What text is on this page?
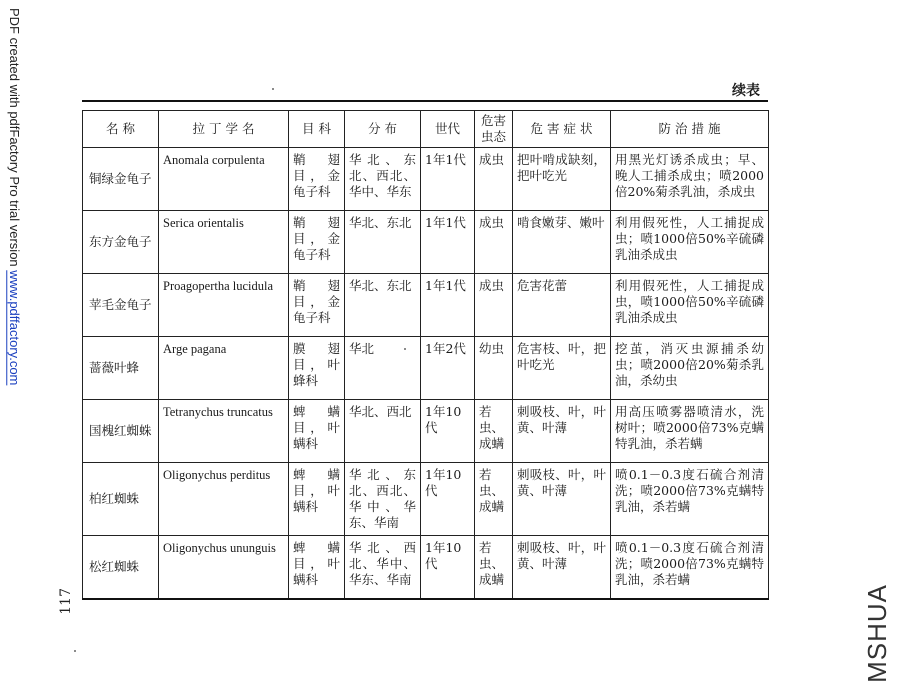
PDF created with pdfFactory Pro trial version www.pdffactory.com
续表
名 称	拉 丁 学 名	目 科	分 布	世代	危害虫态	危 害 症 状	防 治 措 施
铜绿金龟子	Anomala corpulenta	鞘翅目，金龟子科	华北、东北、西北、华中、华东	1年1代	成虫	把叶啃成缺刻，把叶吃光	用黑光灯诱杀成虫；早、晚人工捕杀成虫；喷2000倍20%菊杀乳油，杀成虫
东方金龟子	Serica orientalis	鞘翅目，金龟子科	华北、东北	1年1代	成虫	啃食嫩芽、嫩叶	利用假死性，人工捕捉成虫；喷1000倍50%辛硫磷乳油杀成虫
苹毛金龟子	Proagopertha lucidula	鞘翅目，金龟子科	华北、东北	1年1代	成虫	危害花蕾	利用假死性，人工捕捉成虫，喷1000倍50%辛硫磷乳油杀成虫
蔷薇叶蜂	Arge pagana	膜翅目，叶蜂科	华北	1年2代	幼虫	危害枝、叶，把叶吃光	挖茧，消灭虫源捕杀幼虫；喷2000倍20%菊杀乳油，杀幼虫
国槐红蜘蛛	Tetranychus truncatus	蜱螨目，叶螨科	华北、西北	1年10代	若虫、成螨	刺吸枝、叶，叶黄、叶薄	用高压喷雾器喷清水，洗树叶；喷2000倍73%克螨特乳油，杀若螨
柏红蜘蛛	Oligonychus perditus	蜱螨目，叶螨科	华北、东北、西北、华中、华东、华南	1年10代	若虫、成螨	刺吸枝、叶，叶黄、叶薄	喷0.1－0.3度石硫合剂清洗；喷2000倍73%克螨特乳油，杀若螨
松红蜘蛛	Oligonychus ununguis	蜱螨目，叶螨科	华北、西北、华中、华东、华南	1年10代	若虫、成螨	刺吸枝、叶，叶黄、叶薄	喷0.1－0.3度石硫合剂清洗；喷2000倍73%克螨特乳油，杀若螨
117	MSHUA
